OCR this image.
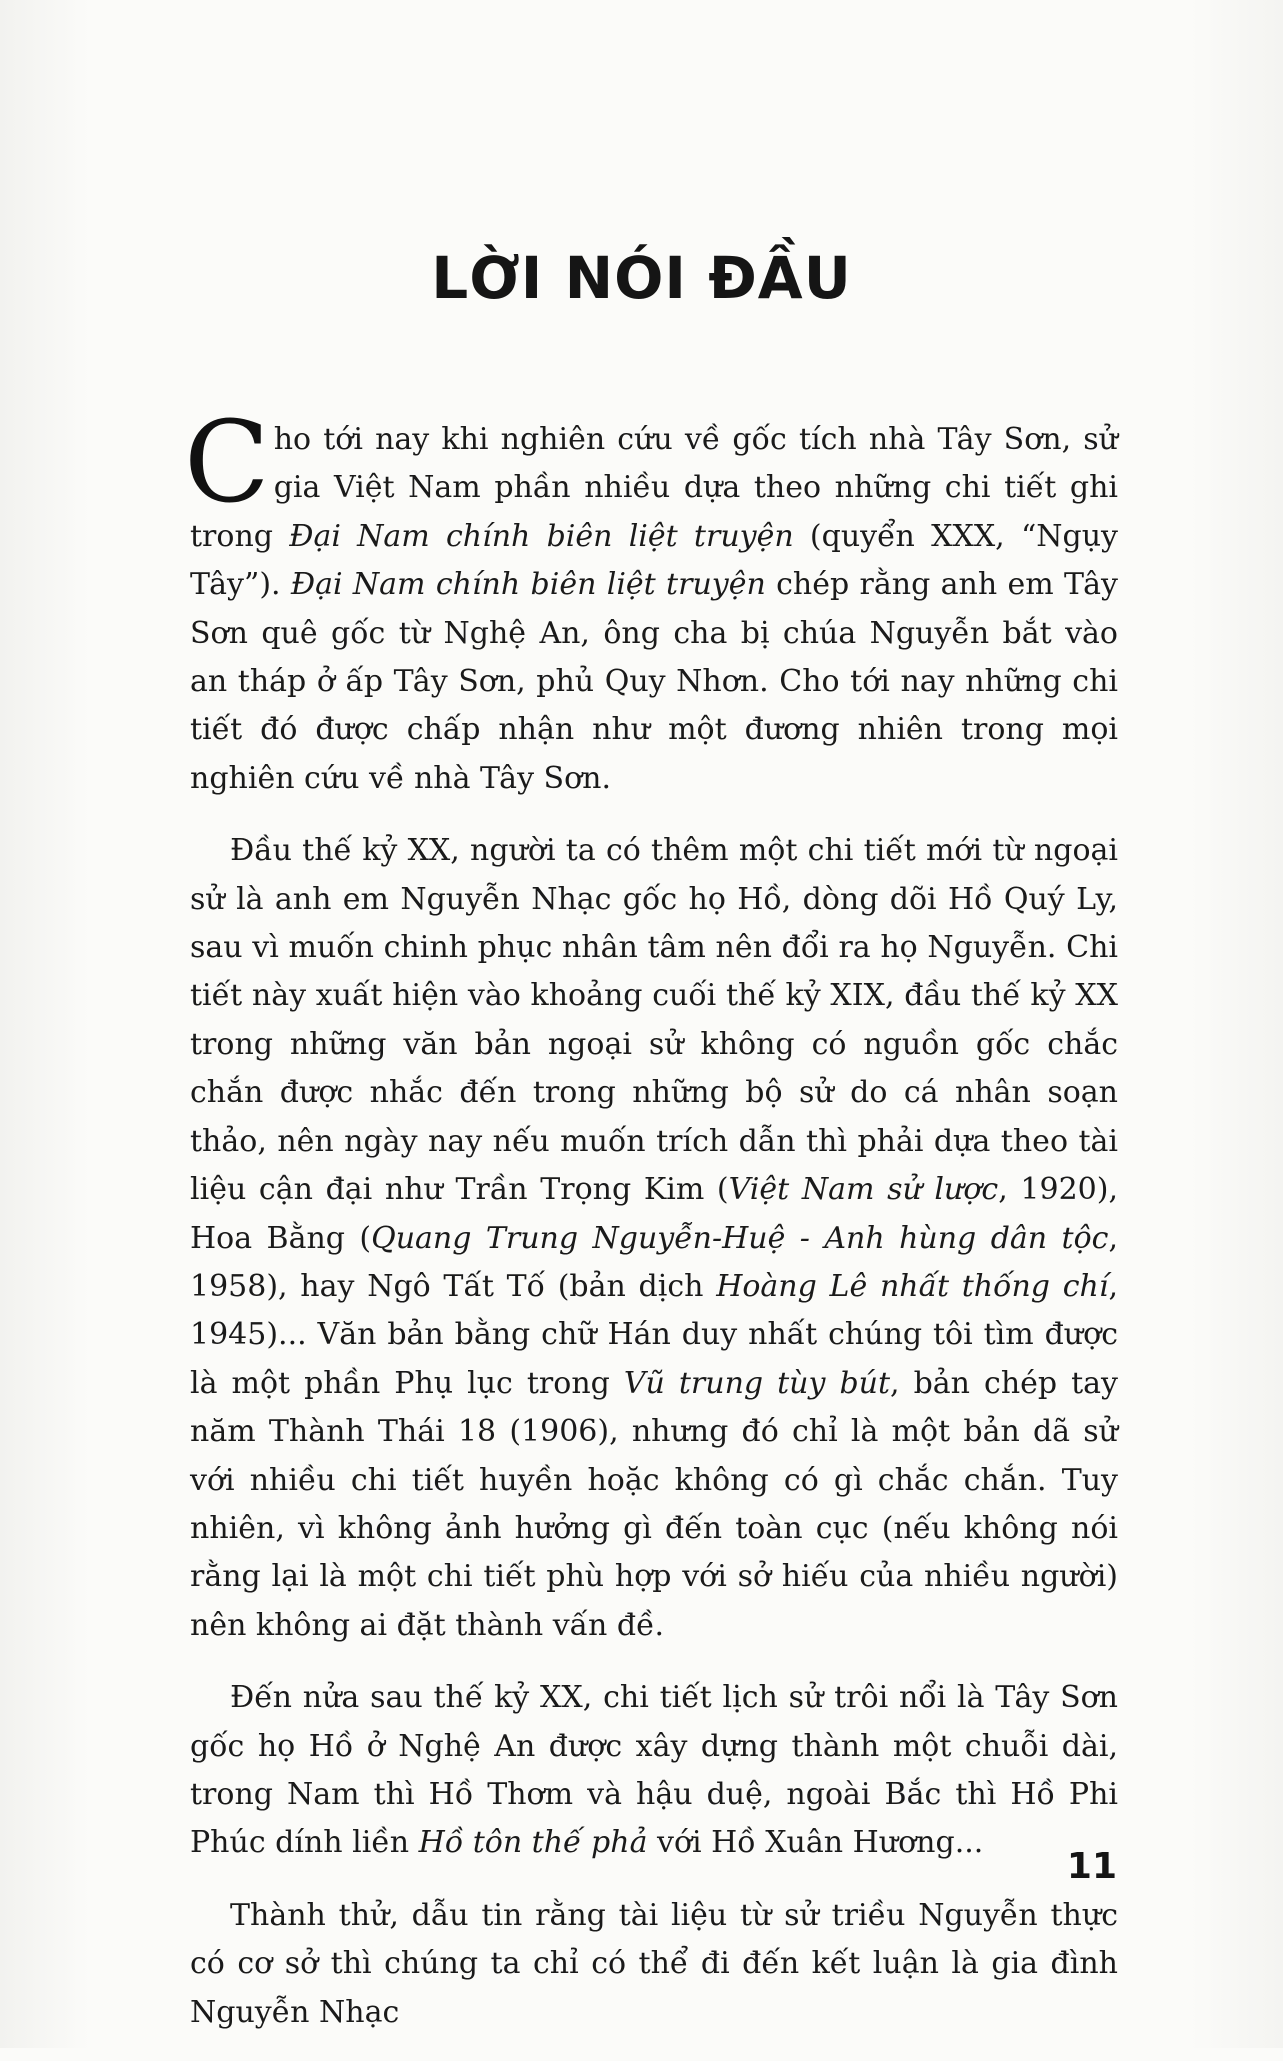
LỜI NÓI ĐẦU

Cho tới nay khi nghiên cứu về gốc tích nhà Tây Sơn, sử gia Việt Nam phần nhiều dựa theo những chi tiết ghi trong Đại Nam chính biên liệt truyện (quyển XXX, “Ngụy Tây”). Đại Nam chính biên liệt truyện chép rằng anh em Tây Sơn quê gốc từ Nghệ An, ông cha bị chúa Nguyễn bắt vào an tháp ở ấp Tây Sơn, phủ Quy Nhơn. Cho tới nay những chi tiết đó được chấp nhận như một đương nhiên trong mọi nghiên cứu về nhà Tây Sơn.

Đầu thế kỷ XX, người ta có thêm một chi tiết mới từ ngoại sử là anh em Nguyễn Nhạc gốc họ Hồ, dòng dõi Hồ Quý Ly, sau vì muốn chinh phục nhân tâm nên đổi ra họ Nguyễn. Chi tiết này xuất hiện vào khoảng cuối thế kỷ XIX, đầu thế kỷ XX trong những văn bản ngoại sử không có nguồn gốc chắc chắn được nhắc đến trong những bộ sử do cá nhân soạn thảo, nên ngày nay nếu muốn trích dẫn thì phải dựa theo tài liệu cận đại như Trần Trọng Kim (Việt Nam sử lược, 1920), Hoa Bằng (Quang Trung Nguyễn-Huệ - Anh hùng dân tộc, 1958), hay Ngô Tất Tố (bản dịch Hoàng Lê nhất thống chí, 1945)... Văn bản bằng chữ Hán duy nhất chúng tôi tìm được là một phần Phụ lục trong Vũ trung tùy bút, bản chép tay năm Thành Thái 18 (1906), nhưng đó chỉ là một bản dã sử với nhiều chi tiết huyền hoặc không có gì chắc chắn. Tuy nhiên, vì không ảnh hưởng gì đến toàn cục (nếu không nói rằng lại là một chi tiết phù hợp với sở hiếu của nhiều người) nên không ai đặt thành vấn đề.

Đến nửa sau thế kỷ XX, chi tiết lịch sử trôi nổi là Tây Sơn gốc họ Hồ ở Nghệ An được xây dựng thành một chuỗi dài, trong Nam thì Hồ Thơm và hậu duệ, ngoài Bắc thì Hồ Phi Phúc dính liền Hồ tôn thế phả với Hồ Xuân Hương...

Thành thử, dẫu tin rằng tài liệu từ sử triều Nguyễn thực có cơ sở thì chúng ta chỉ có thể đi đến kết luận là gia đình Nguyễn Nhạc

11
